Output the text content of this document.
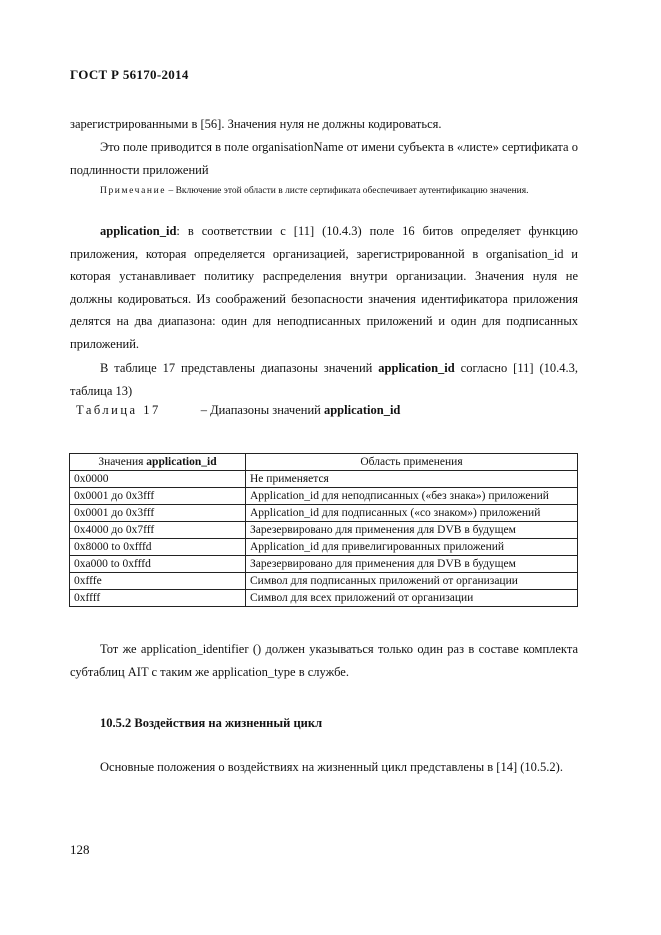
ГОСТ Р 56170-2014
зарегистрированными в [56]. Значения нуля не должны кодироваться.
Это поле приводится в поле organisationName от имени субъекта в «листе» сертификата о подлинности приложений
Примечание – Включение этой области в листе сертификата обеспечивает аутентификацию значения.
application_id: в соответствии с [11] (10.4.3) поле 16 битов определяет функцию приложения, которая определяется организацией, зарегистрированной в organisation_id и которая устанавливает политику распределения внутри организации. Значения нуля не должны кодироваться. Из соображений безопасности значения идентификатора приложения делятся на два диапазона: один для неподписанных приложений и один для подписанных приложений.
В таблице 17 представлены диапазоны значений application_id согласно [11] (10.4.3, таблица 13)
Таблица 17	– Диапазоны значений application_id
Значения application_id	Область применения
0x0000	Не применяется
0x0001 до 0x3fff	Application_id для неподписанных («без знака») приложений
0x0001 до 0x3fff	Application_id для подписанных («со знаком») приложений
0x4000 до 0x7fff	Зарезервировано для применения для DVB в будущем
0x8000 to 0xfffd	Application_id для привелигированных приложений
0xa000 to 0xfffd	Зарезервировано для применения для DVB в будущем
0xfffe	Символ для подписанных приложений от организации
0xffff	Символ для всех приложений от организации
Тот же application_identifier () должен указываться только один раз в составе комплекта субтаблиц AIT с таким же application_type в службе.
10.5.2 Воздействия на жизненный цикл
Основные положения о воздействиях на жизненный цикл представлены в [14] (10.5.2).
128
